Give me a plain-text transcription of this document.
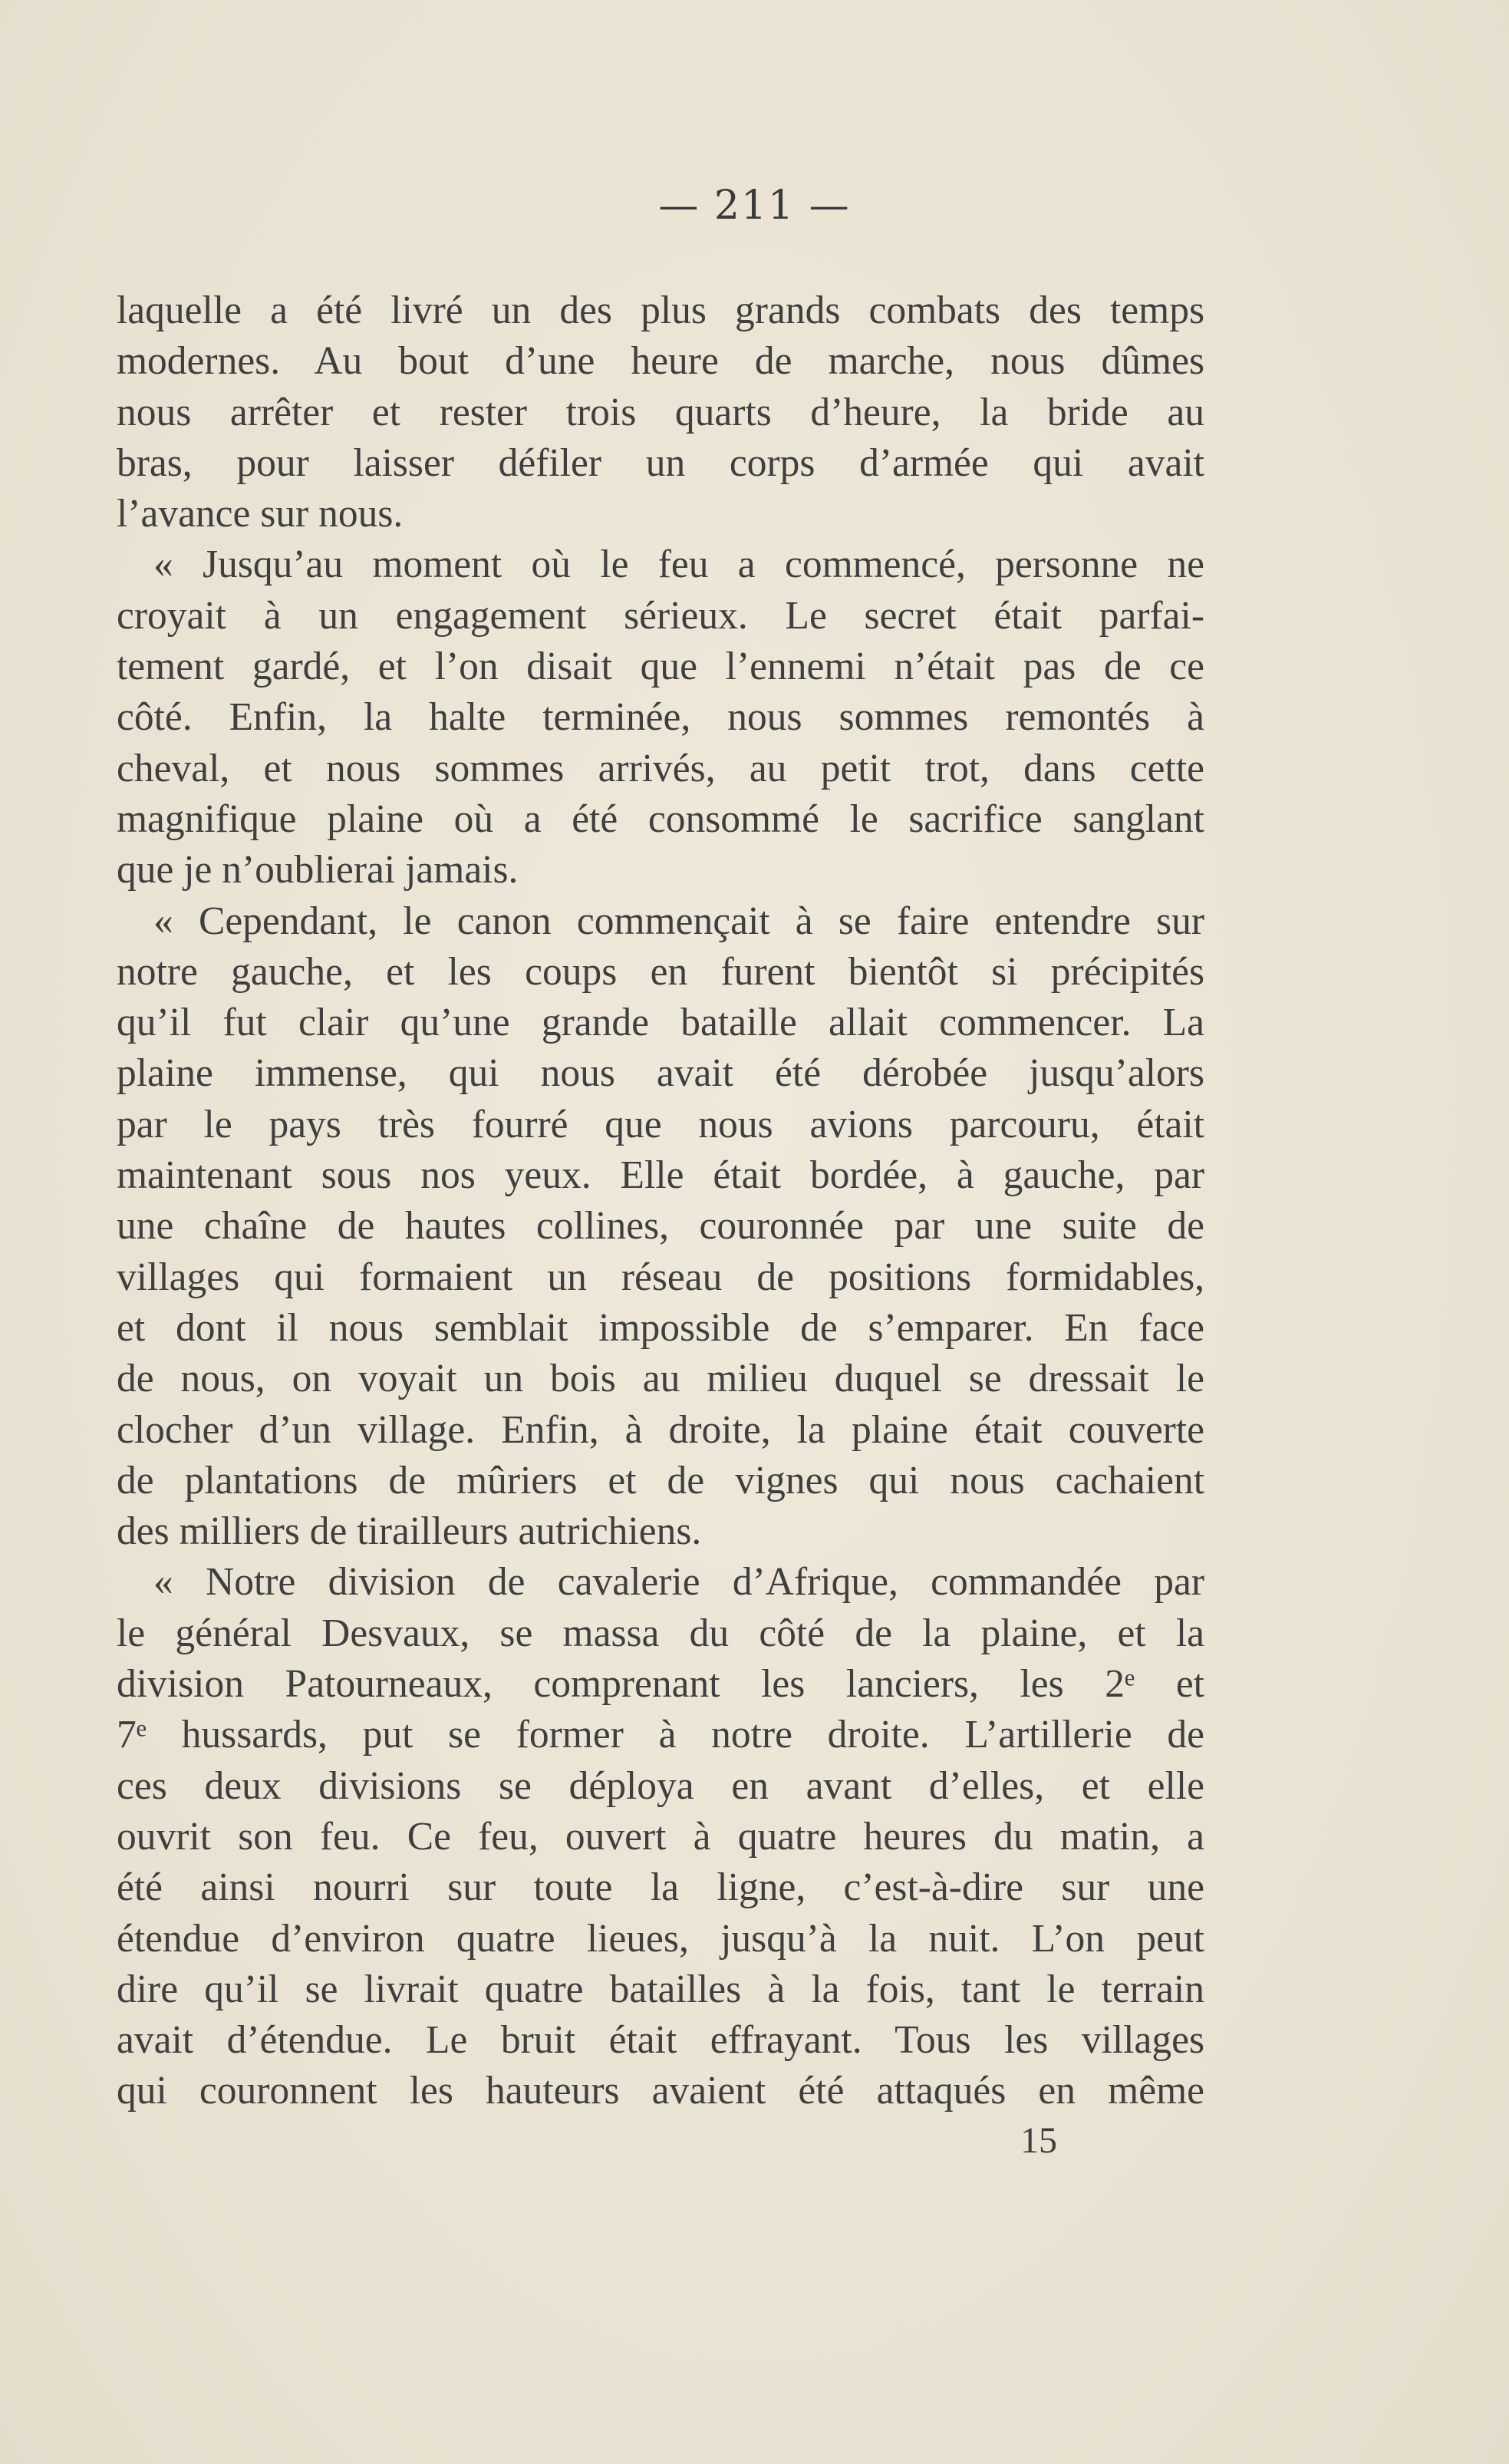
— 211 —
laquelle a été livré un des plus grands combats des temps
modernes. Au bout d’une heure de marche, nous dûmes
nous arrêter et rester trois quarts d’heure, la bride au
bras, pour laisser défiler un corps d’armée qui avait
l’avance sur nous.
« Jusqu’au moment où le feu a commencé, personne ne
croyait à un engagement sérieux. Le secret était parfai-
tement gardé, et l’on disait que l’ennemi n’était pas de ce
côté. Enfin, la halte terminée, nous sommes remontés à
cheval, et nous sommes arrivés, au petit trot, dans cette
magnifique plaine où a été consommé le sacrifice sanglant
que je n’oublierai jamais.
« Cependant, le canon commençait à se faire entendre sur
notre gauche, et les coups en furent bientôt si précipités
qu’il fut clair qu’une grande bataille allait commencer. La
plaine immense, qui nous avait été dérobée jusqu’alors
par le pays très fourré que nous avions parcouru, était
maintenant sous nos yeux. Elle était bordée, à gauche, par
une chaîne de hautes collines, couronnée par une suite de
villages qui formaient un réseau de positions formidables,
et dont il nous semblait impossible de s’emparer. En face
de nous, on voyait un bois au milieu duquel se dressait le
clocher d’un village. Enfin, à droite, la plaine était couverte
de plantations de mûriers et de vignes qui nous cachaient
des milliers de tirailleurs autrichiens.
« Notre division de cavalerie d’Afrique, commandée par
le général Desvaux, se massa du côté de la plaine, et la
division Patourneaux, comprenant les lanciers, les 2ᵉ et
7ᵉ hussards, put se former à notre droite. L’artillerie de
ces deux divisions se déploya en avant d’elles, et elle
ouvrit son feu. Ce feu, ouvert à quatre heures du matin, a
été ainsi nourri sur toute la ligne, c’est-à-dire sur une
étendue d’environ quatre lieues, jusqu’à la nuit. L’on peut
dire qu’il se livrait quatre batailles à la fois, tant le terrain
avait d’étendue. Le bruit était effrayant. Tous les villages
qui couronnent les hauteurs avaient été attaqués en même
15
